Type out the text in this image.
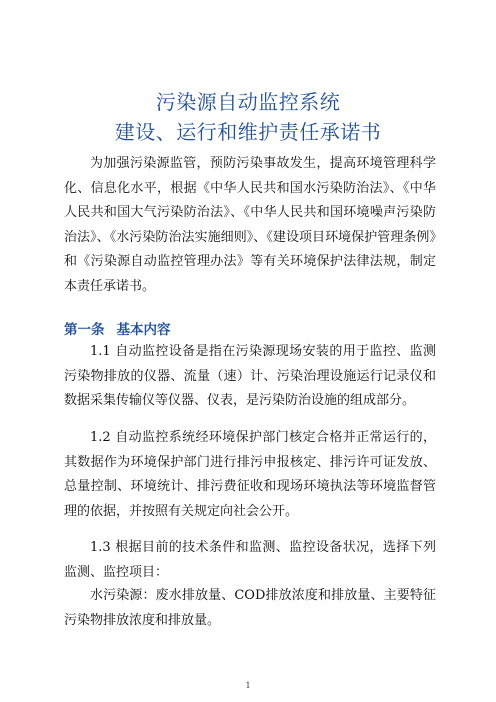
污染源自动监控系统
建设、运行和维护责任承诺书

为加强污染源监管，预防污染事故发生，提高环境管理科学化、信息化水平，根据《中华人民共和国水污染防治法》、《中华人民共和国大气污染防治法》、《中华人民共和国环境噪声污染防治法》、《水污染防治法实施细则》、《建设项目环境保护管理条例》和《污染源自动监控管理办法》等有关环境保护法律法规，制定本责任承诺书。

第一条 基本内容

1.1 自动监控设备是指在污染源现场安装的用于监控、监测污染物排放的仪器、流量（速）计、污染治理设施运行记录仪和数据采集传输仪等仪器、仪表，是污染防治设施的组成部分。

1.2 自动监控系统经环境保护部门核定合格并正常运行的，其数据作为环境保护部门进行排污申报核定、排污许可证发放、总量控制、环境统计、排污费征收和现场环境执法等环境监督管理的依据，并按照有关规定向社会公开。

1.3 根据目前的技术条件和监测、监控设备状况，选择下列监测、监控项目：

水污染源：废水排放量、COD排放浓度和排放量、主要特征污染物排放浓度和排放量。

1
